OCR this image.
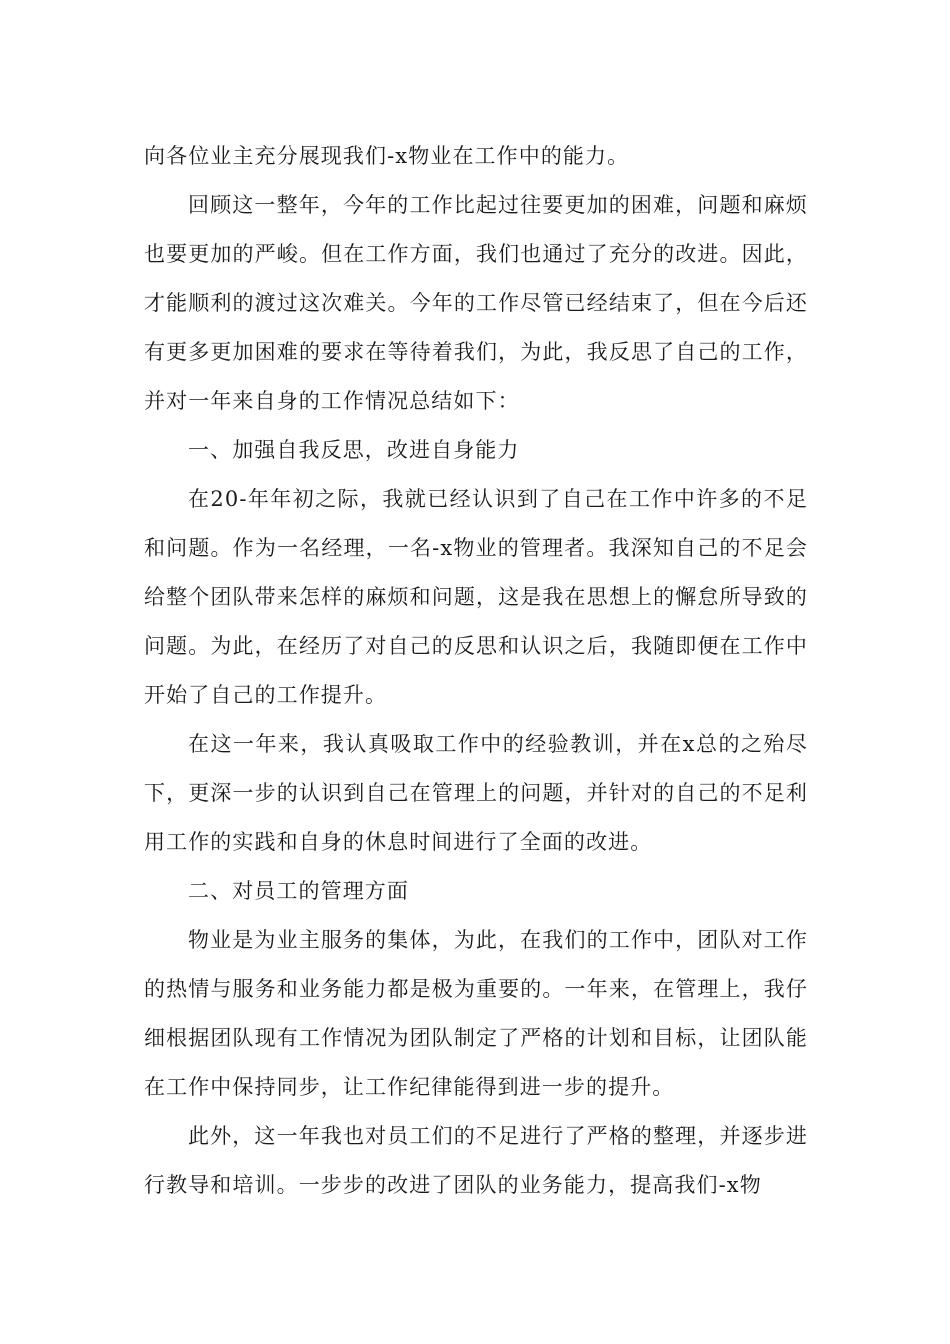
向各位业主充分展现我们-x物业在工作中的能力。

回顾这一整年，今年的工作比起过往要更加的困难，问题和麻烦也要更加的严峻。但在工作方面，我们也通过了充分的改进。因此，才能顺利的渡过这次难关。今年的工作尽管已经结束了，但在今后还有更多更加困难的要求在等待着我们，为此，我反思了自己的工作，并对一年来自身的工作情况总结如下：

一、加强自我反思，改进自身能力

在20-年年初之际，我就已经认识到了自己在工作中许多的不足和问题。作为一名经理，一名-x物业的管理者。我深知自己的不足会给整个团队带来怎样的麻烦和问题，这是我在思想上的懈怠所导致的问题。为此，在经历了对自己的反思和认识之后，我随即便在工作中开始了自己的工作提升。

在这一年来，我认真吸取工作中的经验教训，并在x总的之殆尽下，更深一步的认识到自己在管理上的问题，并针对的自己的不足利用工作的实践和自身的休息时间进行了全面的改进。

二、对员工的管理方面

物业是为业主服务的集体，为此，在我们的工作中，团队对工作的热情与服务和业务能力都是极为重要的。一年来，在管理上，我仔细根据团队现有工作情况为团队制定了严格的计划和目标，让团队能在工作中保持同步，让工作纪律能得到进一步的提升。

此外，这一年我也对员工们的不足进行了严格的整理，并逐步进行教导和培训。一步步的改进了团队的业务能力，提高我们-x物
